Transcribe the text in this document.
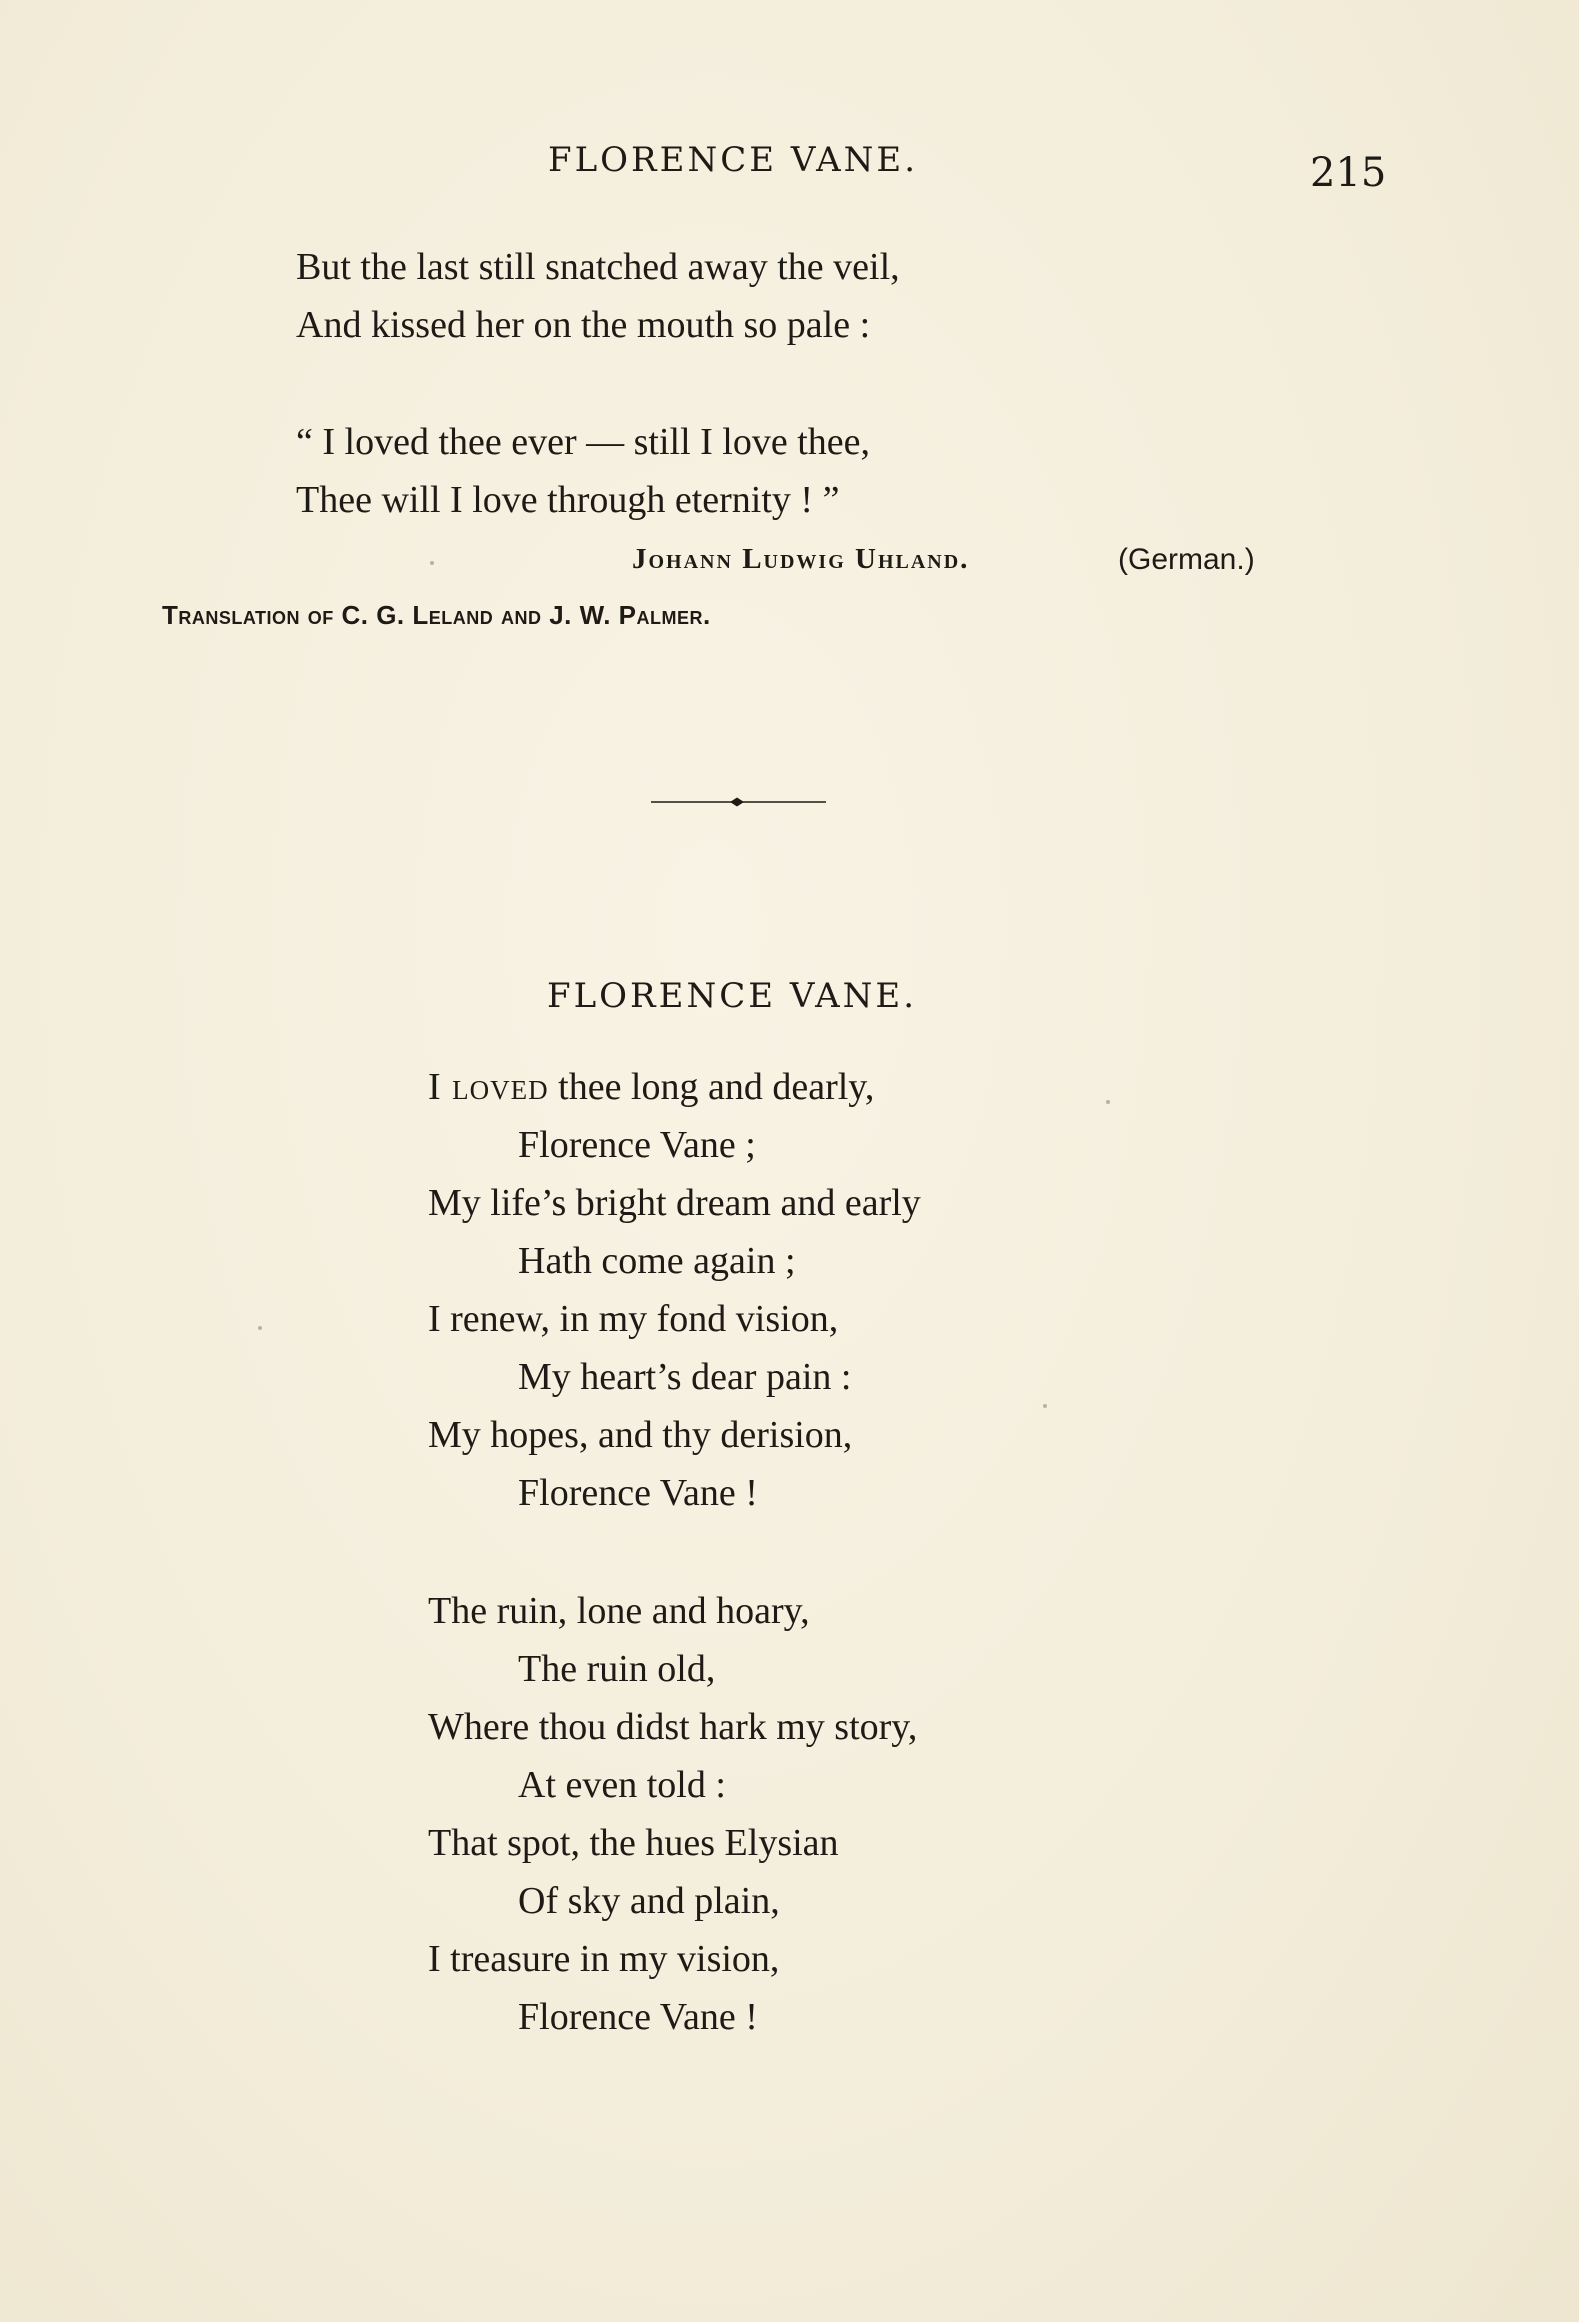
FLORENCE VANE.	215
But the last still snatched away the veil,
And kissed her on the mouth so pale :
“ I loved thee ever — still I love thee,
Thee will I love through eternity ! ”
Johann Ludwig Uhland.	(German.)
Translation of C. G. Leland and J. W. Palmer.
FLORENCE VANE.
I loved thee long and dearly,
Florence Vane ;
My life’s bright dream and early
Hath come again ;
I renew, in my fond vision,
My heart’s dear pain :
My hopes, and thy derision,
Florence Vane !
The ruin, lone and hoary,
The ruin old,
Where thou didst hark my story,
At even told :
That spot, the hues Elysian
Of sky and plain,
I treasure in my vision,
Florence Vane !
